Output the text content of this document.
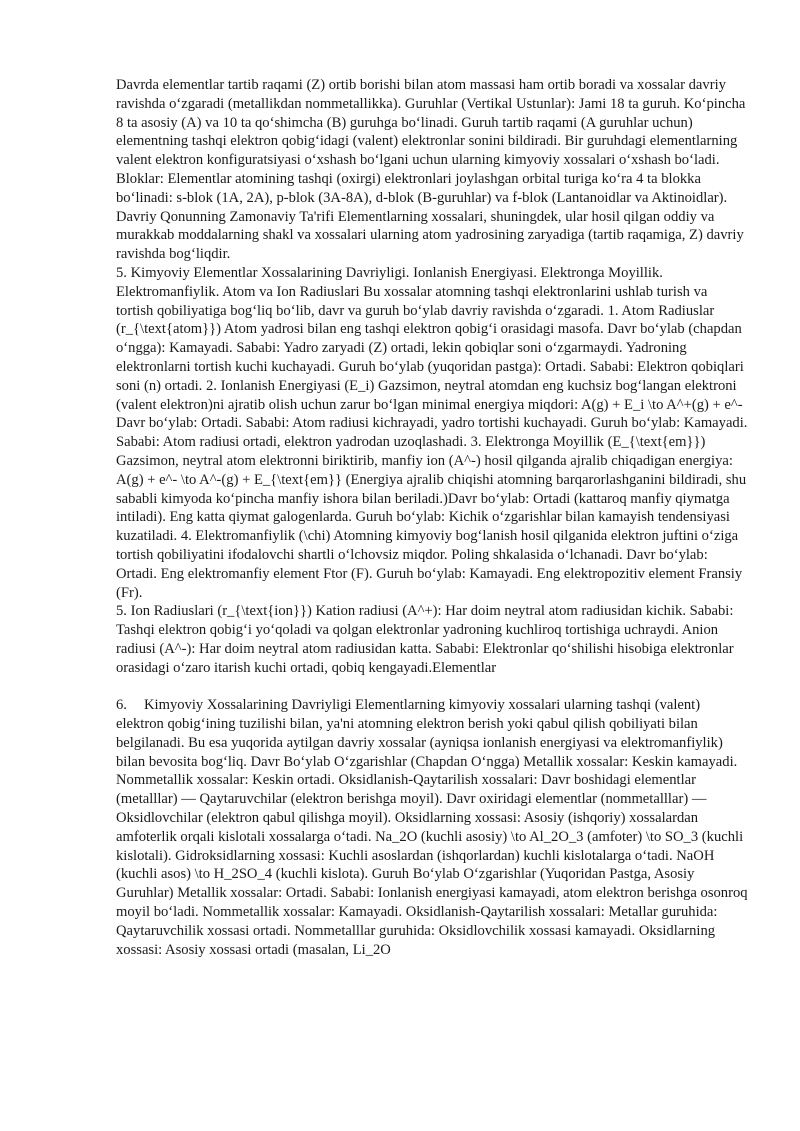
Davrda elementlar tartib raqami (Z) ortib borishi bilan atom massasi ham ortib boradi va xossalar davriy ravishda o‘zgaradi (metallikdan nommetallikka). Guruhlar (Vertikal Ustunlar): Jami 18 ta guruh. Ko‘pincha 8 ta asosiy (A) va 10 ta qo‘shimcha (B) guruhga bo‘linadi. Guruh tartib raqami (A guruhlar uchun) elementning tashqi elektron qobig‘idagi (valent) elektronlar sonini bildiradi. Bir guruhdagi elementlarning valent elektron konfiguratsiyasi o‘xshash bo‘lgani uchun ularning kimyoviy xossalari o‘xshash bo‘ladi. Bloklar: Elementlar atomining tashqi (oxirgi) elektronlari joylashgan orbital turiga ko‘ra 4 ta blokka bo‘linadi: s-blok (1A, 2A), p-blok (3A-8A), d-blok (B-guruhlar) va f-blok (Lantanoidlar va Aktinoidlar). Davriy Qonunning Zamonaviy Ta'rifi Elementlarning xossalari, shuningdek, ular hosil qilgan oddiy va murakkab moddalarning shakl va xossalari ularning atom yadrosining zaryadiga (tartib raqamiga, Z) davriy ravishda bog‘liqdir.

5. Kimyoviy Elementlar Xossalarining Davriyligi. Ionlanish Energiyasi. Elektronga Moyillik. Elektromanfiylik. Atom va Ion Radiuslari Bu xossalar atomning tashqi elektronlarini ushlab turish va tortish qobiliyatiga bog‘liq bo‘lib, davr va guruh bo‘ylab davriy ravishda o‘zgaradi. 1. Atom Radiuslar (r_{\text{atom}}) Atom yadrosi bilan eng tashqi elektron qobig‘i orasidagi masofa. Davr bo‘ylab (chapdan o‘ngga): Kamayadi. Sababi: Yadro zaryadi (Z) ortadi, lekin qobiqlar soni o‘zgarmaydi. Yadroning elektronlarni tortish kuchi kuchayadi. Guruh bo‘ylab (yuqoridan pastga): Ortadi. Sababi: Elektron qobiqlari soni (n) ortadi. 2. Ionlanish Energiyasi (E_i) Gazsimon, neytral atomdan eng kuchsiz bog‘langan elektroni (valent elektron)ni ajratib olish uchun zarur bo‘lgan minimal energiya miqdori: A(g) + E_i \to A^+(g) + e^- Davr bo‘ylab: Ortadi. Sababi: Atom radiusi kichrayadi, yadro tortishi kuchayadi. Guruh bo‘ylab: Kamayadi. Sababi: Atom radiusi ortadi, elektron yadrodan uzoqlashadi. 3. Elektronga Moyillik (E_{\text{em}}) Gazsimon, neytral atom elektronni biriktirib, manfiy ion (A^-) hosil qilganda ajralib chiqadigan energiya: A(g) + e^- \to A^-(g) + E_{\text{em}} (Energiya ajralib chiqishi atomning barqarorlashganini bildiradi, shu sababli kimyoda ko‘pincha manfiy ishora bilan beriladi.)Davr bo‘ylab: Ortadi (kattaroq manfiy qiymatga intiladi). Eng katta qiymat galogenlarda. Guruh bo‘ylab: Kichik o‘zgarishlar bilan kamayish tendensiyasi kuzatiladi. 4. Elektromanfiylik (\chi) Atomning kimyoviy bog‘lanish hosil qilganida elektron juftini o‘ziga tortish qobiliyatini ifodalovchi shartli o‘lchovsiz miqdor. Poling shkalasida o‘lchanadi. Davr bo‘ylab: Ortadi. Eng elektromanfiy element Ftor (F). Guruh bo‘ylab: Kamayadi. Eng elektropozitiv element Fransiy (Fr).

5. Ion Radiuslari (r_{\text{ion}}) Kation radiusi (A^+): Har doim neytral atom radiusidan kichik. Sababi: Tashqi elektron qobig‘i yo‘qoladi va qolgan elektronlar yadroning kuchliroq tortishiga uchraydi. Anion radiusi (A^-): Har doim neytral atom radiusidan katta. Sababi: Elektronlar qo‘shilishi hisobiga elektronlar orasidagi o‘zaro itarish kuchi ortadi, qobiq kengayadi.Elementlar

6. Kimyoviy Xossalarining Davriyligi Elementlarning kimyoviy xossalari ularning tashqi (valent) elektron qobig‘ining tuzilishi bilan, ya'ni atomning elektron berish yoki qabul qilish qobiliyati bilan belgilanadi. Bu esa yuqorida aytilgan davriy xossalar (ayniqsa ionlanish energiyasi va elektromanfiylik) bilan bevosita bog‘liq. Davr Bo‘ylab O‘zgarishlar (Chapdan O‘ngga) Metallik xossalar: Keskin kamayadi. Nommetallik xossalar: Keskin ortadi. Oksidlanish-Qaytarilish xossalari: Davr boshidagi elementlar (metalllar) — Qaytaruvchilar (elektron berishga moyil). Davr oxiridagi elementlar (nommetalllar) — Oksidlovchilar (elektron qabul qilishga moyil). Oksidlarning xossasi: Asosiy (ishqoriy) xossalardan amfoterlik orqali kislotali xossalarga o‘tadi. Na_2O (kuchli asosiy) \to Al_2O_3 (amfoter) \to SO_3 (kuchli kislotali). Gidroksidlarning xossasi: Kuchli asoslardan (ishqorlardan) kuchli kislotalarga o‘tadi. NaOH (kuchli asos) \to H_2SO_4 (kuchli kislota). Guruh Bo‘ylab O‘zgarishlar (Yuqoridan Pastga, Asosiy Guruhlar) Metallik xossalar: Ortadi. Sababi: Ionlanish energiyasi kamayadi, atom elektron berishga osonroq moyil bo‘ladi. Nommetallik xossalar: Kamayadi. Oksidlanish-Qaytarilish xossalari: Metallar guruhida: Qaytaruvchilik xossasi ortadi. Nommetalllar guruhida: Oksidlovchilik xossasi kamayadi. Oksidlarning xossasi: Asosiy xossasi ortadi (masalan, Li_2O
